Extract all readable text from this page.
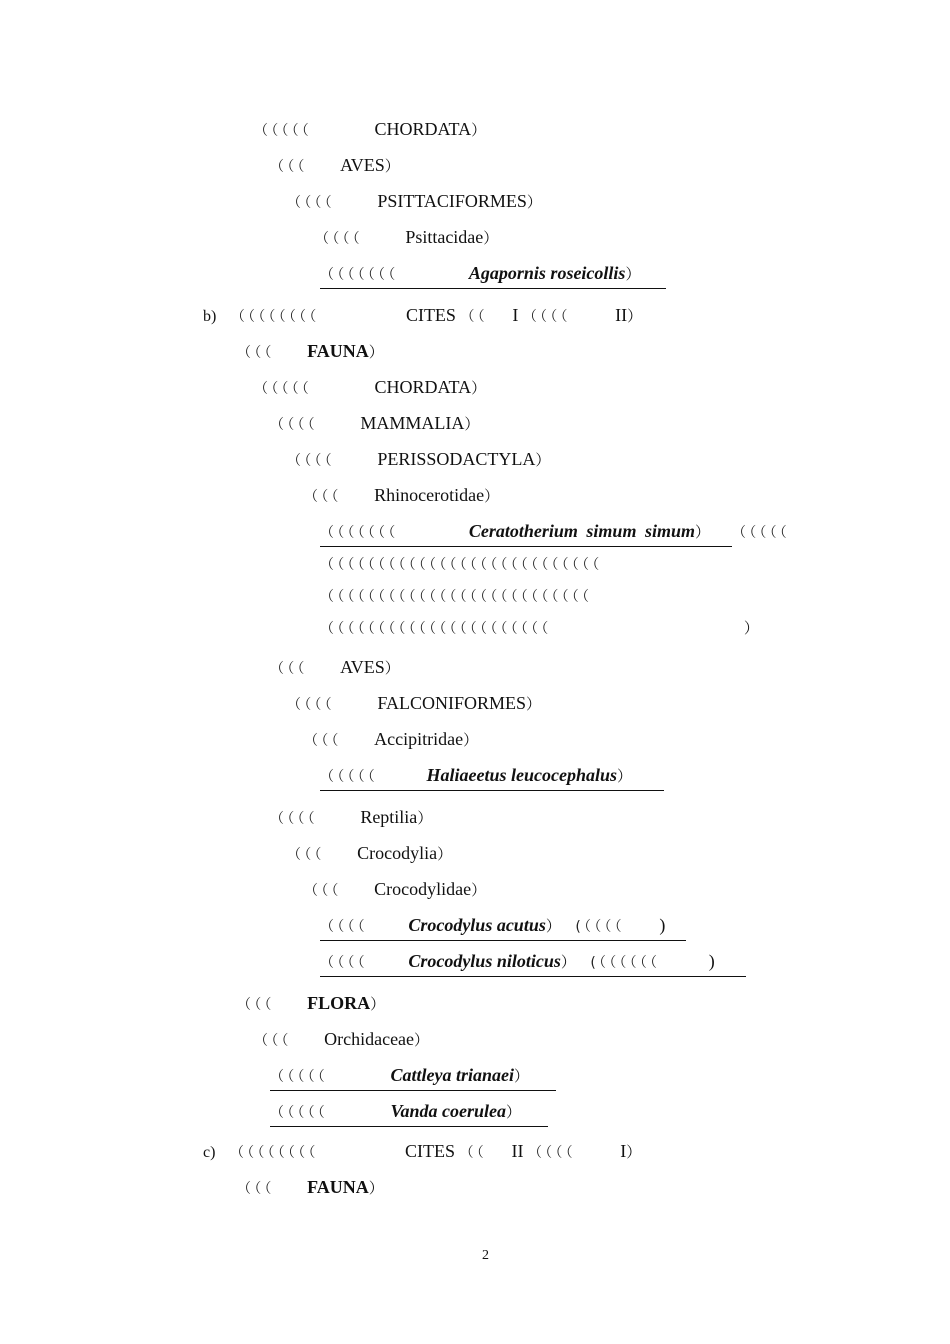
（（（（（	CHORDATA）
（（（ AVES）
（（（（ PSITTACIFORMES）
（（（（ Psittacidae）
（（（（（（（	Agapornis roseicollis）
b) （（（（（（（（	CITES （（ I （（（（ II）
（（（ FAUNA）
（（（（（	CHORDATA）
（（（（ MAMMALIA）
（（（（ PERISSODACTYLA）
（（（ Rhinocerotidae）
（（（（（（（	Ceratotherium simum simum） （（（（（
（（（（（（（（（（（（（（（（（（（（（（（（（（（
（（（（（（（（（（（（（（（（（（（（（（（（（（
（（（（（（（（（（（（（（（（（（（（（（	）
（（（ AVES）
（（（（ FALCONIFORMES）
（（（ Accipitridae）
（（（（（	Haliaeetus leucocephalus）
（（（（ Reptilia）
（（（ Crocodylia）
（（（ Crocodylidae）
（（（（ Crocodylus acutus） (（（（（ )
（（（（ Crocodylus niloticus） (（（（（（（	)
（（（ FLORA）
（（（ Orchidaceae）
（（（（（	Cattleya trianaei）
（（（（（	Vanda coerulea）
c) （（（（（（（（	CITES （（ II （（（（ I）
（（（ FAUNA）
2
